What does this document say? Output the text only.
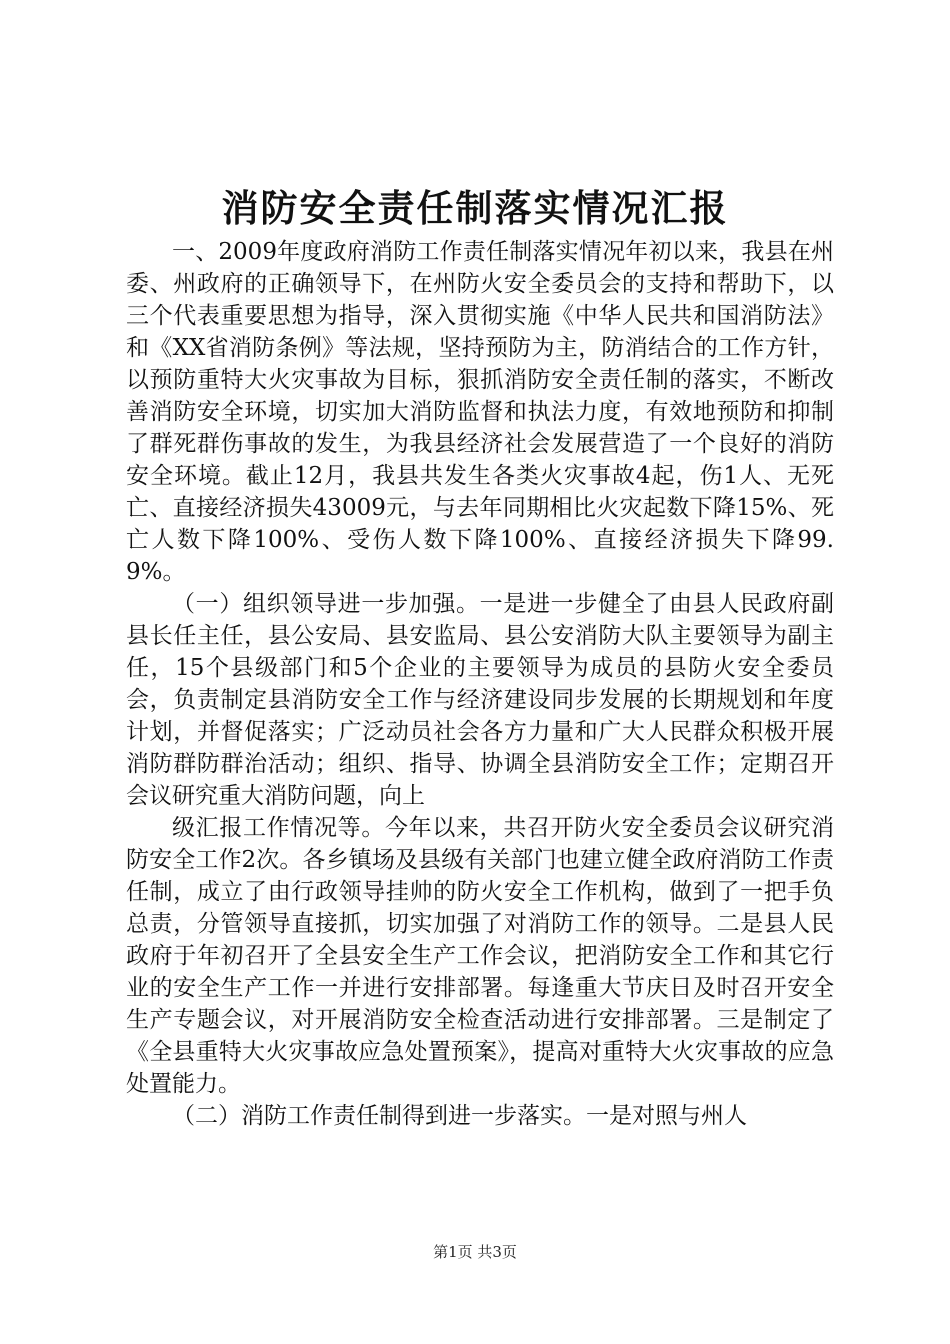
消防安全责任制落实情况汇报

一、2009年度政府消防工作责任制落实情况年初以来，我县在州委、州政府的正确领导下，在州防火安全委员会的支持和帮助下，以三个代表重要思想为指导，深入贯彻实施《中华人民共和国消防法》和《XX省消防条例》等法规，坚持预防为主，防消结合的工作方针，以预防重特大火灾事故为目标，狠抓消防安全责任制的落实，不断改善消防安全环境，切实加大消防监督和执法力度，有效地预防和抑制了群死群伤事故的发生，为我县经济社会发展营造了一个良好的消防安全环境。截止12月，我县共发生各类火灾事故4起，伤1人、无死亡、直接经济损失43009元，与去年同期相比火灾起数下降15%、死亡人数下降100%、受伤人数下降100%、直接经济损失下降99.9%。

（一）组织领导进一步加强。一是进一步健全了由县人民政府副县长任主任，县公安局、县安监局、县公安消防大队主要领导为副主任，15个县级部门和5个企业的主要领导为成员的县防火安全委员会，负责制定县消防安全工作与经济建设同步发展的长期规划和年度计划，并督促落实；广泛动员社会各方力量和广大人民群众积极开展消防群防群治活动；组织、指导、协调全县消防安全工作；定期召开会议研究重大消防问题，向上

级汇报工作情况等。今年以来，共召开防火安全委员会议研究消防安全工作2次。各乡镇场及县级有关部门也建立健全政府消防工作责任制，成立了由行政领导挂帅的防火安全工作机构，做到了一把手负总责，分管领导直接抓，切实加强了对消防工作的领导。二是县人民政府于年初召开了全县安全生产工作会议，把消防安全工作和其它行业的安全生产工作一并进行安排部署。每逢重大节庆日及时召开安全生产专题会议，对开展消防安全检查活动进行安排部署。三是制定了《全县重特大火灾事故应急处置预案》，提高对重特大火灾事故的应急处置能力。

（二）消防工作责任制得到进一步落实。一是对照与州人

第1页 共3页
